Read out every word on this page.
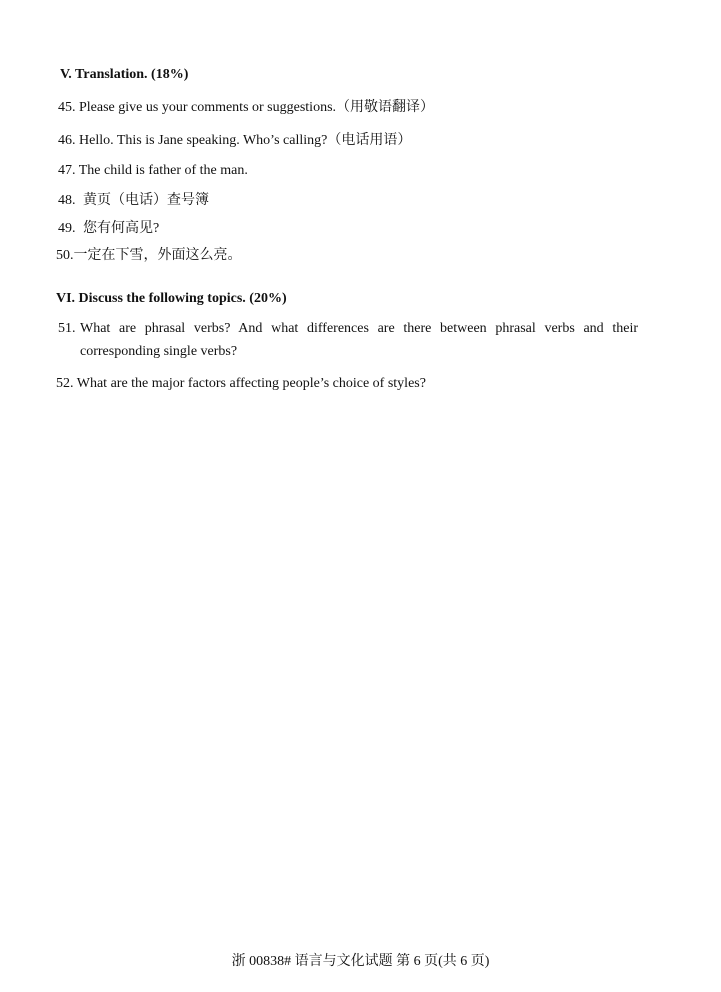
V. Translation. (18%)
45. Please give us your comments or suggestions.（用敬语翻译）
46. Hello. This is Jane speaking. Who’s calling?（电话用语）
47. The child is father of the man.
48. 黄页（电话）查号簿
49. 您有何高见?
50.一定在下雪，外面这么亮。
VI. Discuss the following topics. (20%)
51. What are phrasal verbs? And what differences are there between phrasal verbs and their corresponding single verbs?
52. What are the major factors affecting people’s choice of styles?
浙 00838# 语言与文化试题 第 6 页(共 6 页)
